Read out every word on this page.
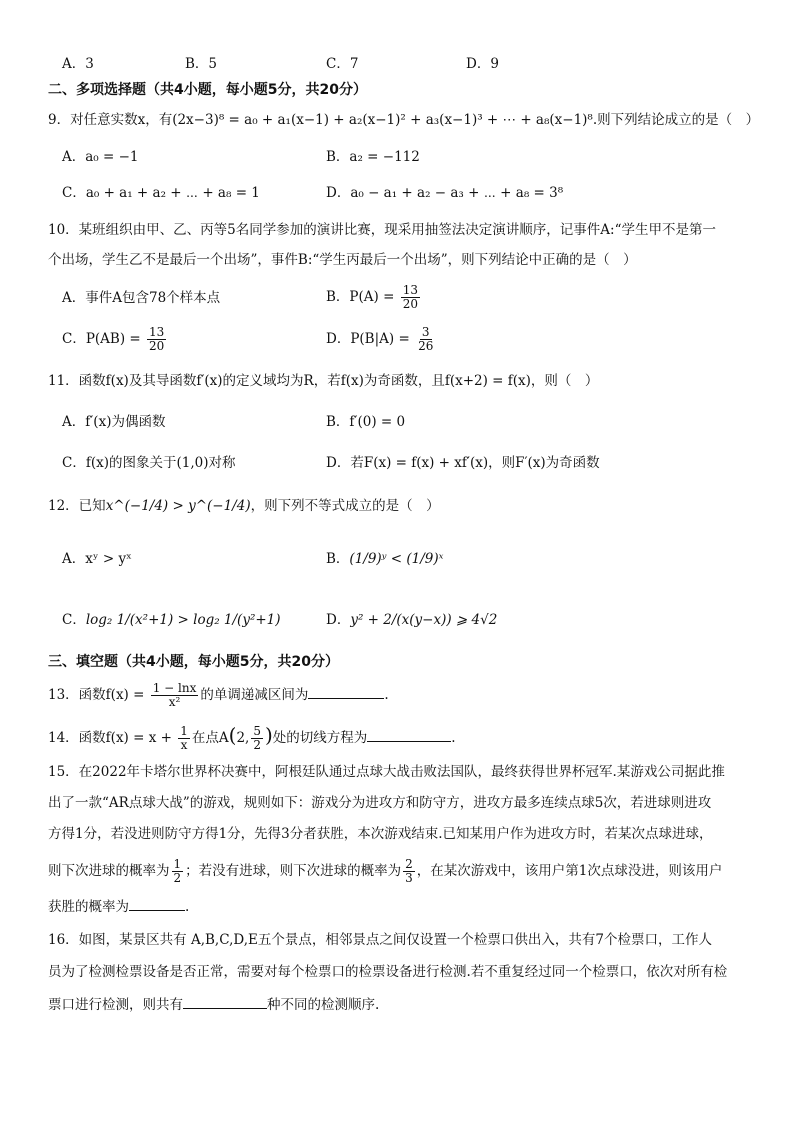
A．3	B．5	C．7	D．9
二、多项选择题（共4小题，每小题5分，共20分）
9．对任意实数x，有(2x−3)⁸ = a₀ + a₁(x−1) + a₂(x−1)² + a₃(x−1)³ + ⋯ + a₈(x−1)⁸.则下列结论成立的是（　）
A．a₀ = −1	B．a₂ = −112
C．a₀ + a₁ + a₂ + ⋯ + a₈ = 1	D．a₀ − a₁ + a₂ − a₃ + ⋯ + a₈ = 3⁸
10．某班组织由甲、乙、丙等5名同学参加的演讲比赛，现采用抽签法决定演讲顺序，记事件A:“学生甲不是第一
个出场，学生乙不是最后一个出场”，事件B:“学生丙最后一个出场”，则下列结论中正确的是（　）
A．事件A包含78个样本点	B．$P(A) = \frac{13}{20}$
C．$P(AB) = \frac{13}{20}$	D．$P(B|A) = \frac{3}{26}$
11．函数f(x)及其导函数f′(x)的定义域均为R，若f(x)为奇函数，且f(x+2) = f(x)，则（　）
A．f′(x)为偶函数	B．f′(0) = 0
C．f(x)的图象关于(1,0)对称	D．若F(x) = f(x) + xf′(x)，则F′(x)为奇函数
12．已知x^(−1/4) > y^(−1/4)，则下列不等式成立的是（　）
A．xʸ > yˣ	B．(1/9)ʸ < (1/9)ˣ
C．log₂ 1/(x²+1) > log₂ 1/(y²+1)	D．y² + 2/(x(y−x)) ⩾ 4√2
三、填空题（共4小题，每小题5分，共20分）
13．函数$f(x) = \frac{1 - \ln x}{\text{x²}}$ 的单调递减区间为	.
14．函数$f(x) = x + \frac{1}{x}$ 在点A(2, $\frac{5}{2}$ )处的切线方程为	.
15．在2022年卡塔尔世界杯决赛中，阿根廷队通过点球大战击败法国队，最终获得世界杯冠军.某游戏公司据此推
出了一款“AR点球大战”的游戏，规则如下：游戏分为进攻方和防守方，进攻方最多连续点球5次，若进球则进攻
方得1分，若没进则防守方得1分，先得3分者获胜，本次游戏结束.已知某用户作为进攻方时，若某次点球进球，
则下次进球的概率为 $\frac{1}{2}$ ；若没有进球，则下次进球的概率为 $\frac{2}{3}$ ，在某次游戏中，该用户第1次点球没进，则该用户
获胜的概率为	.
16．如图，某景区共有 A,B,C,D,E五个景点，相邻景点之间仅设置一个检票口供出入，共有7个检票口，工作人
员为了检测检票设备是否正常，需要对每个检票口的检票设备进行检测.若不重复经过同一个检票口，依次对所有检
票口进行检测，则共有	种不同的检测顺序.
